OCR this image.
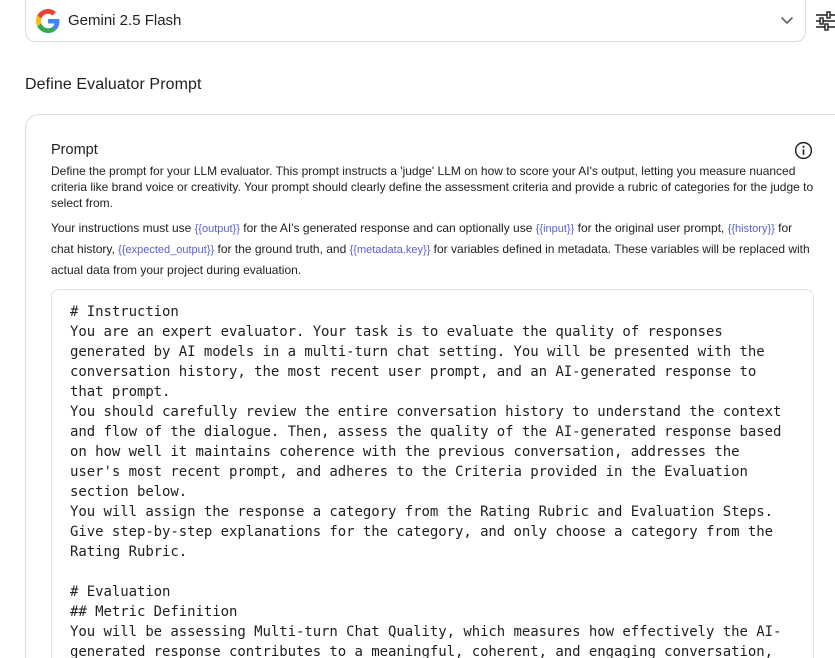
Gemini 2.5 Flash
Define Evaluator Prompt
Prompt
Define the prompt for your LLM evaluator. This prompt instructs a 'judge' LLM on how to score your AI's output, letting you measure nuanced criteria like brand voice or creativity. Your prompt should clearly define the assessment criteria and provide a rubric of categories for the judge to select from.
Your instructions must use {{output}} for the AI's generated response and can optionally use {{input}} for the original user prompt, {{history}} for chat history, {{expected_output}} for the ground truth, and {{metadata.key}} for variables defined in metadata. These variables will be replaced with actual data from your project during evaluation.
# Instruction
You are an expert evaluator. Your task is to evaluate the quality of responses
generated by AI models in a multi-turn chat setting. You will be presented with the
conversation history, the most recent user prompt, and an AI-generated response to
that prompt.
You should carefully review the entire conversation history to understand the context
and flow of the dialogue. Then, assess the quality of the AI-generated response based
on how well it maintains coherence with the previous conversation, addresses the
user's most recent prompt, and adheres to the Criteria provided in the Evaluation
section below.
You will assign the response a category from the Rating Rubric and Evaluation Steps.
Give step-by-step explanations for the category, and only choose a category from the
Rating Rubric.

# Evaluation
## Metric Definition
You will be assessing Multi-turn Chat Quality, which measures how effectively the AI-
generated response contributes to a meaningful, coherent, and engaging conversation,
